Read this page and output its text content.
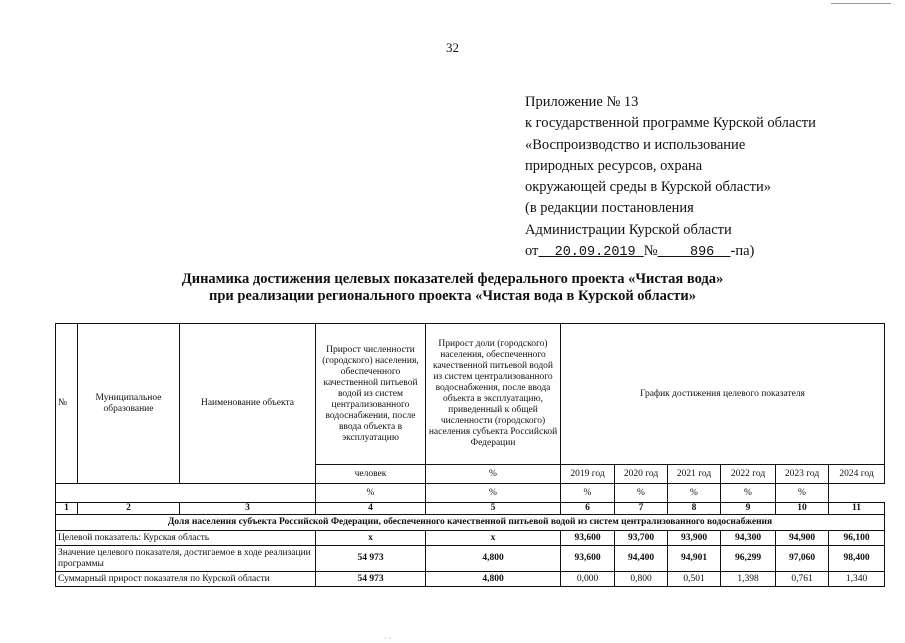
32
Приложение № 13
к государственной программе Курской области
«Воспроизводство и использование
природных ресурсов, охрана
окружающей среды в Курской области»
(в редакции постановления
Администрации Курской области
от 20.09.2019 № 896 -па)
Динамика достижения целевых показателей федерального проекта «Чистая вода»
при реализации регионального проекта «Чистая вода в Курской области»
№	Муниципальное образование	Наименование объекта	Прирост численности (городского) населения, обеспеченного качественной питьевой водой из систем централизованного водоснабжения, после ввода объекта в эксплуатацию	Прирост доли (городского) населения, обеспеченного качественной питьевой водой из систем централизованного водоснабжения, после ввода объекта в эксплуатацию, приведенный к общей численности (городского) населения субъекта Российской Федерации	График достижения целевого показателя					
			человек	%	2019 год	2020 год	2021 год	2022 год	2023 год	2024 год
			%	%	%	%	%	%	%	
1	2	3	4	5	6	7	8	9	10	11
Доля населения субъекта Российской Федерации, обеспеченного качественной питьевой водой из систем централизованного водоснабжения										
Целевой показатель: Курская область			х	х	93,600	93,700	93,900	94,300	94,900	96,100
Значение целевого показателя, достигаемое в ходе реализации программы			54 973	4,800	93,600	94,400	94,901	96,299	97,060	98,400
Суммарный прирост показателя по Курской области			54 973	4,800	0,000	0,800	0,501	1,398	0,761	1,340
· ·
